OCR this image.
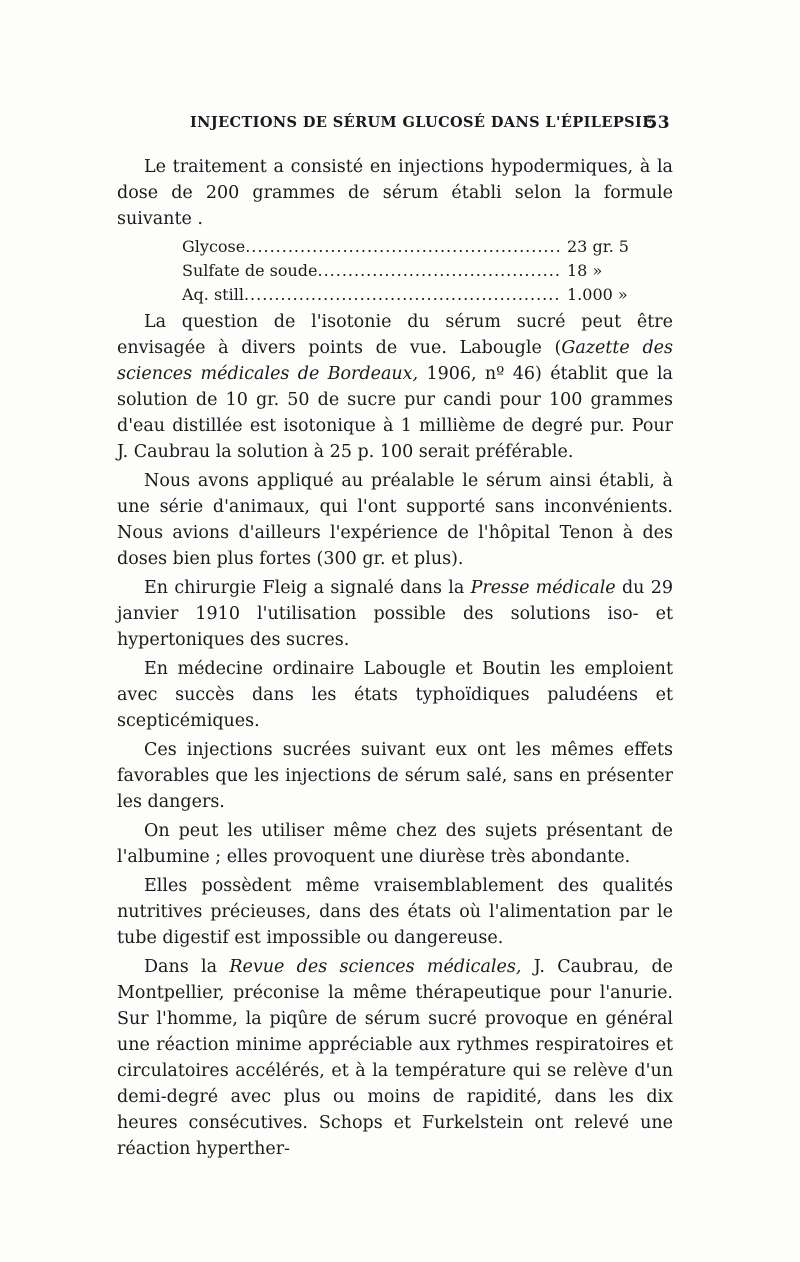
INJECTIONS DE SÉRUM GLUCOSÉ DANS L'ÉPILEPSIE
53

Le traitement a consisté en injections hypodermiques, à la dose de 200 grammes de sérum établi selon la formule suivante .

Glycose .....	23 gr. 5
Sulfate de soude .....	18 »
Aq. still .....	1.000 »

La question de l'isotonie du sérum sucré peut être envisagée à divers points de vue. Labougle (Gazette des sciences médicales de Bordeaux, 1906, nº 46) établit que la solution de 10 gr. 50 de sucre pur candi pour 100 grammes d'eau distillée est isotonique à 1 millième de degré pur. Pour J. Caubrau la solution à 25 p. 100 serait préférable.

Nous avons appliqué au préalable le sérum ainsi établi, à une série d'animaux, qui l'ont supporté sans inconvénients. Nous avions d'ailleurs l'expérience de l'hôpital Tenon à des doses bien plus fortes (300 gr. et plus).

En chirurgie Fleig a signalé dans la Presse médicale du 29 janvier 1910 l'utilisation possible des solutions iso- et hypertoniques des sucres.

En médecine ordinaire Labougle et Boutin les emploient avec succès dans les états typhoïdiques paludéens et scepticémiques.

Ces injections sucrées suivant eux ont les mêmes effets favorables que les injections de sérum salé, sans en présenter les dangers.

On peut les utiliser même chez des sujets présentant de l'albumine ; elles provoquent une diurèse très abondante.

Elles possèdent même vraisemblablement des qualités nutritives précieuses, dans des états où l'alimentation par le tube digestif est impossible ou dangereuse.

Dans la Revue des sciences médicales, J. Caubrau, de Montpellier, préconise la même thérapeutique pour l'anurie. Sur l'homme, la piqûre de sérum sucré provoque en général une réaction minime appréciable aux rythmes respiratoires et circulatoires accélérés, et à la température qui se relève d'un demi-degré avec plus ou moins de rapidité, dans les dix heures consécutives. Schops et Furkelstein ont relevé une réaction hyperther-
